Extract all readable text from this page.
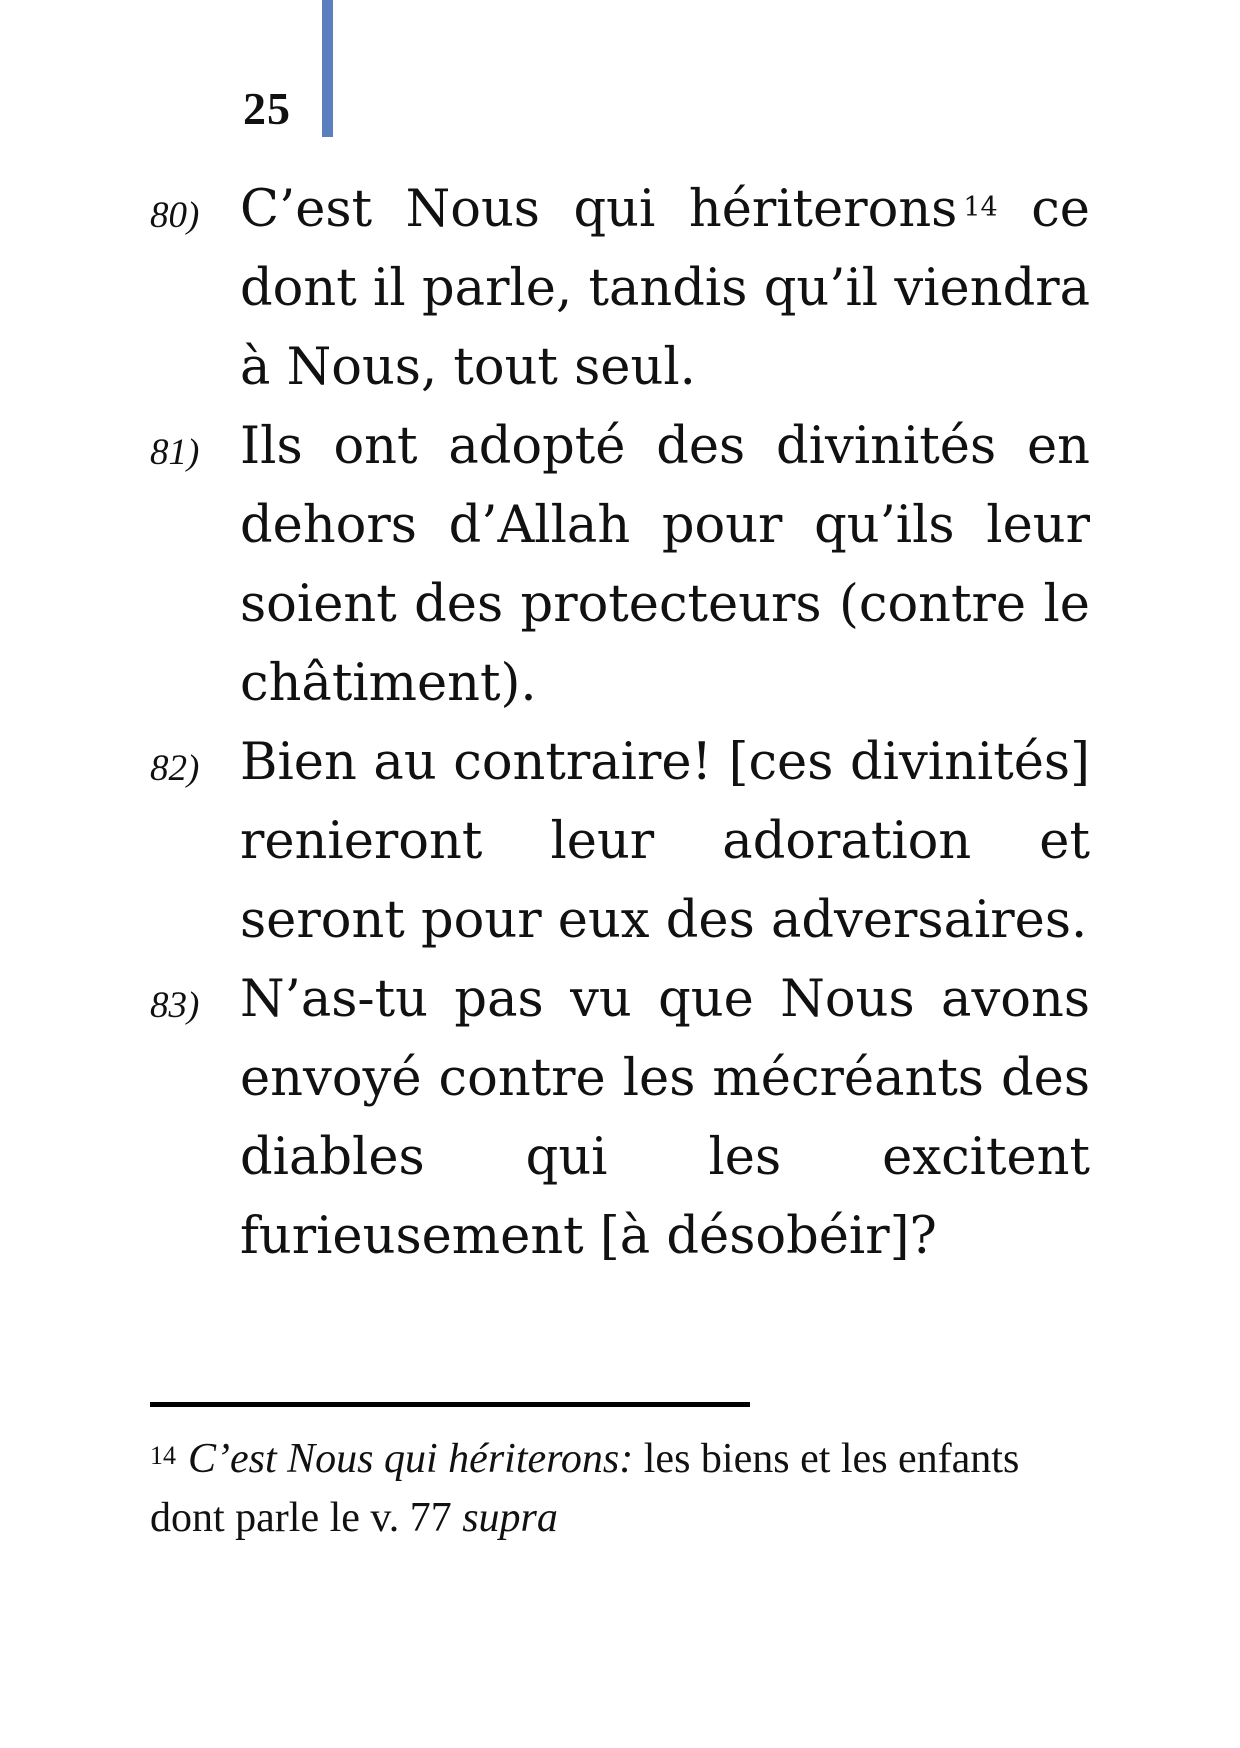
25
80) C’est Nous qui hériterons $^{14}$ ce dont il parle, tandis qu’il viendra à Nous, tout seul.

81) Ils ont adopté des divinités en dehors d’Allah pour qu’ils leur soient des protecteurs (contre le châtiment).

82) Bien au contraire! [ces divinités] renieront leur adoration et seront pour eux des adversaires.

83) N’as-tu pas vu que Nous avons envoyé contre les mécréants des diables qui les excitent furieusement [à désobéir]?

$^{14}$ C’est Nous qui hériterons: les biens et les enfants dont parle le v. 77 supra
